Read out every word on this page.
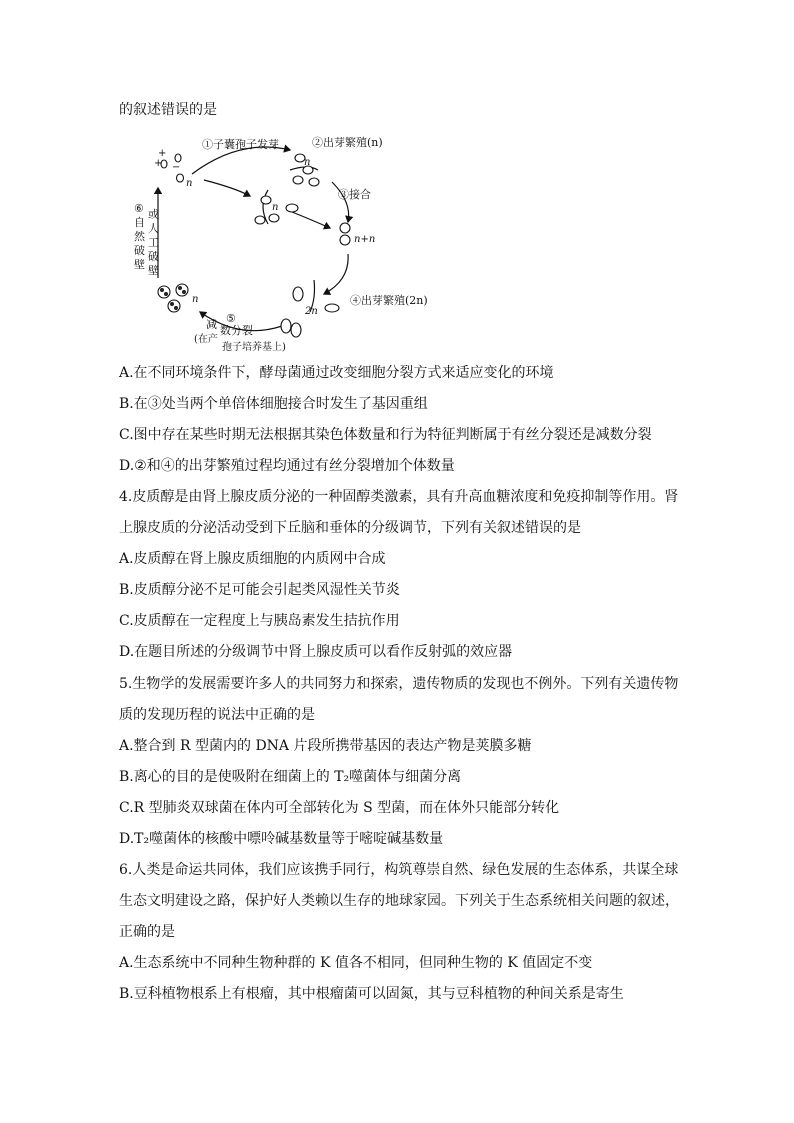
的叙述错误的是
+
+
−
n
n
n
n+n
2n
n
①子囊孢子发芽	②出芽繁殖(n)
③接合
④出芽繁殖(2n)
⑤
减 数分裂
(在产
孢子培养基上)
⑥
自
然
破
壁
或
人
工
破
壁
A.在不同环境条件下，酵母菌通过改变细胞分裂方式来适应变化的环境
B.在③处当两个单倍体细胞接合时发生了基因重组
C.图中存在某些时期无法根据其染色体数量和行为特征判断属于有丝分裂还是减数分裂
D.②和④的出芽繁殖过程均通过有丝分裂增加个体数量
4.皮质醇是由肾上腺皮质分泌的一种固醇类激素，具有升高血糖浓度和免疫抑制等作用。肾
上腺皮质的分泌活动受到下丘脑和垂体的分级调节，下列有关叙述错误的是
A.皮质醇在肾上腺皮质细胞的内质网中合成
B.皮质醇分泌不足可能会引起类风湿性关节炎
C.皮质醇在一定程度上与胰岛素发生拮抗作用
D.在题目所述的分级调节中肾上腺皮质可以看作反射弧的效应器
5.生物学的发展需要许多人的共同努力和探索，遗传物质的发现也不例外。下列有关遗传物
质的发现历程的说法中正确的是
A.整合到 R 型菌内的 DNA 片段所携带基因的表达产物是荚膜多糖
B.离心的目的是使吸附在细菌上的 T₂噬菌体与细菌分离
C.R 型肺炎双球菌在体内可全部转化为 S 型菌，而在体外只能部分转化
D.T₂噬菌体的核酸中嘌呤碱基数量等于嘧啶碱基数量
6.人类是命运共同体，我们应该携手同行，构筑尊崇自然、绿色发展的生态体系，共谋全球
生态文明建设之路，保护好人类赖以生存的地球家园。下列关于生态系统相关问题的叙述，
正确的是
A.生态系统中不同种生物种群的 K 值各不相同，但同种生物的 K 值固定不变
B.豆科植物根系上有根瘤，其中根瘤菌可以固氮，其与豆科植物的种间关系是寄生
